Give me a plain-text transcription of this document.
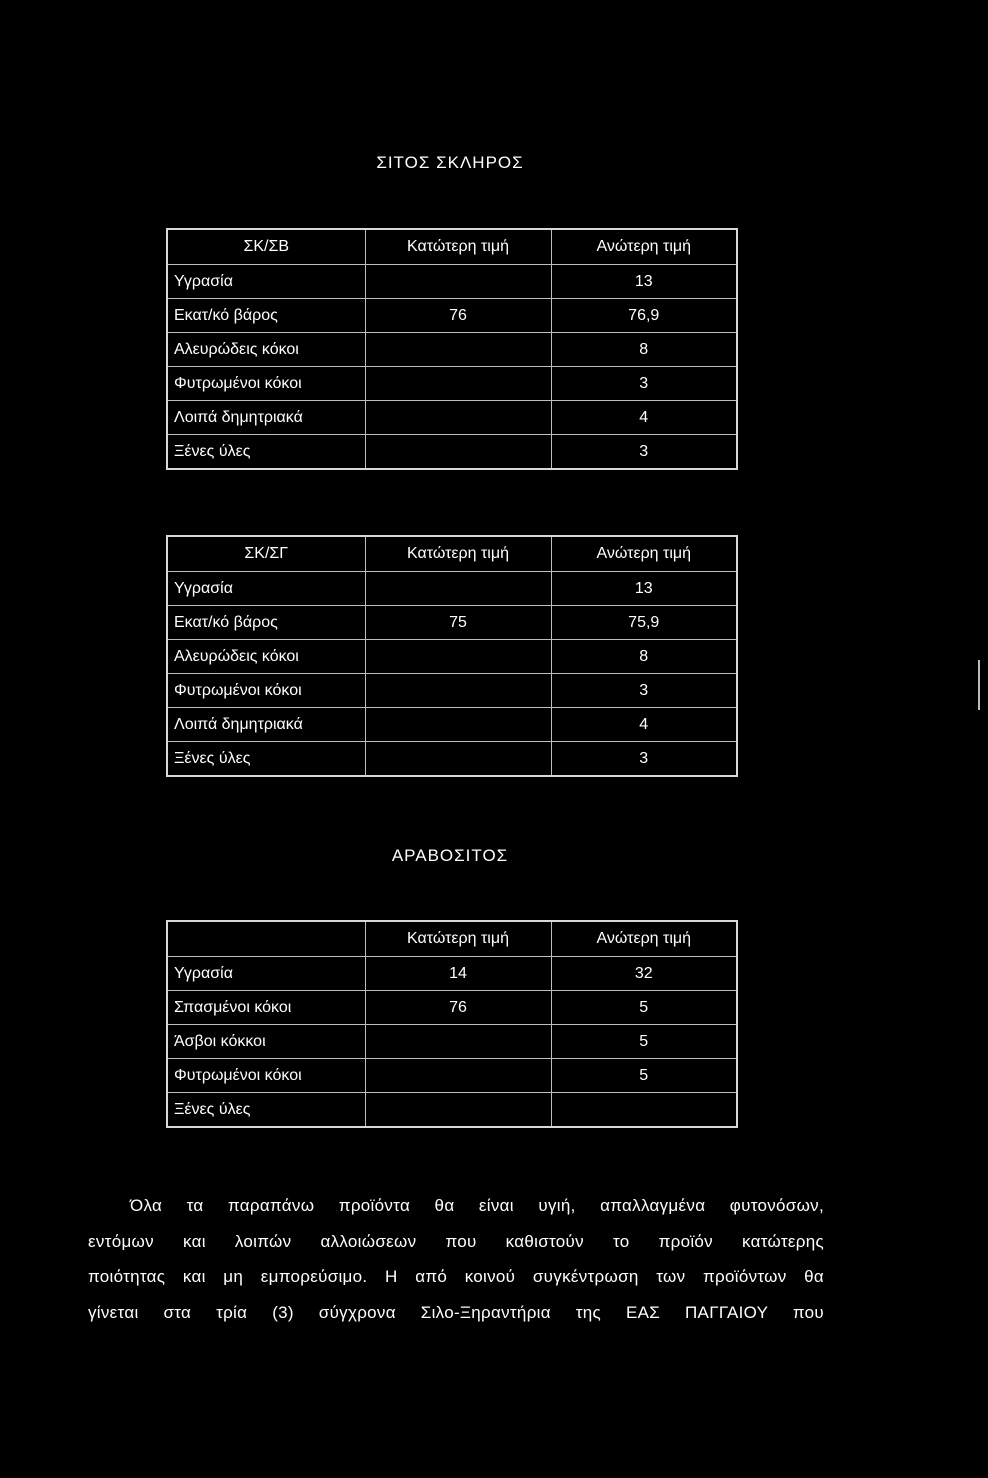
ΣΙΤΟΣ ΣΚΛΗΡΟΣ
ΣΚ/ΣΒ	Κατώτερη τιμή	Ανώτερη τιμή
Υγρασία		13
Εκατ/κό βάρος	76	76,9
Αλευρώδεις κόκοι		8
Φυτρωμένοι κόκοι		3
Λοιπά δημητριακά		4
Ξένες ύλες		3
ΣΚ/ΣΓ	Κατώτερη τιμή	Ανώτερη τιμή
Υγρασία		13
Εκατ/κό βάρος	75	75,9
Αλευρώδεις κόκοι		8
Φυτρωμένοι κόκοι		3
Λοιπά δημητριακά		4
Ξένες ύλες		3
ΑΡΑΒΟΣΙΤΟΣ
	Κατώτερη τιμή	Ανώτερη τιμή
Υγρασία	14	32
Σπασμένοι κόκοι	76	5
Άσβοι κόκκοι		5
Φυτρωμένοι κόκοι		5
Ξένες ύλες		
Όλα τα παραπάνω προϊόντα θα είναι υγιή, απαλλαγμένα φυτονόσων,
εντόμων και λοιπών αλλοιώσεων που καθιστούν το προϊόν κατώτερης
ποιότητας και μη εμπορεύσιμο. Η από κοινού συγκέντρωση των προϊόντων θα
γίνεται στα τρία (3) σύγχρονα Σιλο-Ξηραντήρια της ΕΑΣ ΠΑΓΓΑΙΟΥ που
